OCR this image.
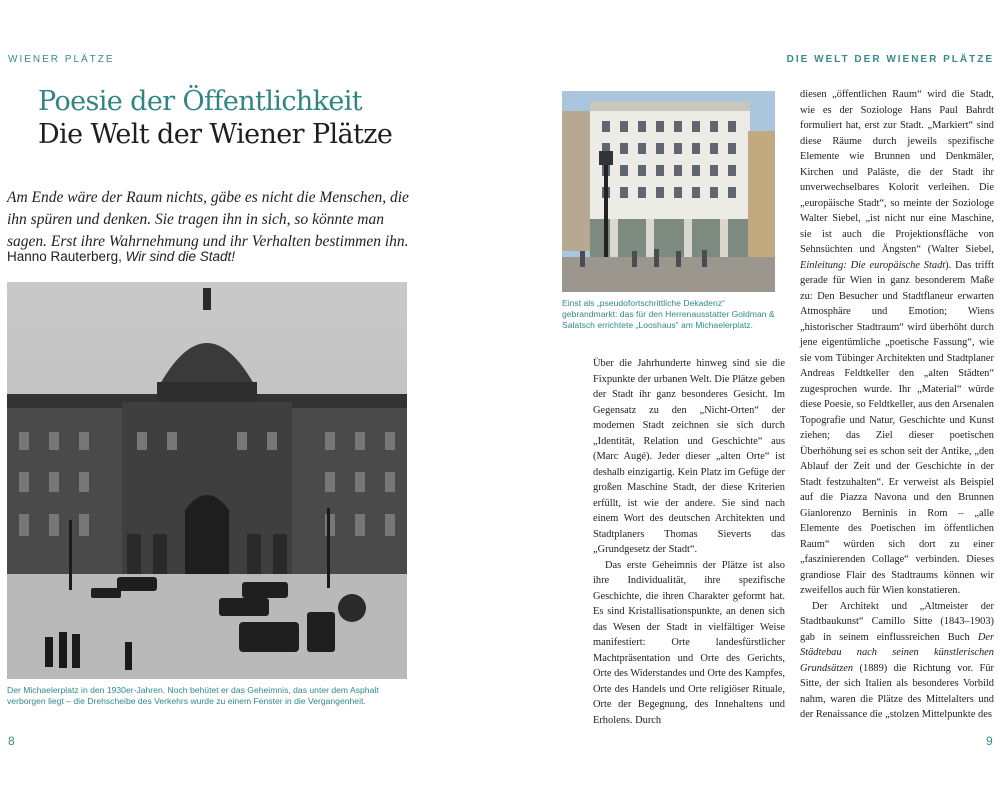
WIENER PLÄTZE	DIE WELT DER WIENER PLÄTZE
Poesie der Öffentlichkeit
Die Welt der Wiener Plätze
Am Ende wäre der Raum nichts, gäbe es nicht die Menschen, die ihn spüren und denken. Sie tragen ihn in sich, so könnte man sagen. Erst ihre Wahrnehmung und ihr Verhalten bestimmen ihn.
Hanno Rauterberg, Wir sind die Stadt!
Der Michaelerplatz in den 1930er-Jahren. Noch behütet er das Geheimnis, das unter dem Asphalt verborgen liegt – die Drehscheibe des Verkehrs wurde zu einem Fenster in die Vergangenheit.
Einst als „pseudofortschrittliche Dekadenz“ gebrandmarkt: das für den Herrenausstatter Goldman & Salatsch errichtete „Looshaus“ am Michaelerplatz.

Über die Jahrhunderte hinweg sind sie die Fixpunkte der urbanen Welt. Die Plätze geben der Stadt ihr ganz besonderes Gesicht. Im Gegensatz zu den „Nicht-Orten“ der modernen Stadt zeichnen sie sich durch „Identität, Relation und Geschichte“ aus (Marc Augé). Jeder dieser „alten Orte“ ist deshalb einzigartig. Kein Platz im Gefüge der großen Maschine Stadt, der diese Kriterien erfüllt, ist wie der andere. Sie sind nach einem Wort des deutschen Architekten und Stadtplaners Thomas Sieverts das „Grundgesetz der Stadt“.

Das erste Geheimnis der Plätze ist also ihre Individualität, ihre spezifische Geschichte, die ihren Charakter geformt hat. Es sind Kristallisationspunkte, an denen sich das Wesen der Stadt in vielfältiger Weise manifestiert: Orte landesfürstlicher Machtpräsentation und Orte des Gerichts, Orte des Widerstandes und Orte des Kampfes, Orte des Handels und Orte religiöser Rituale, Orte der Begegnung, des Innehaltens und Erholens. Durch

diesen „öffentlichen Raum“ wird die Stadt, wie es der Soziologe Hans Paul Bahrdt formuliert hat, erst zur Stadt. „Markiert“ sind diese Räume durch jeweils spezifische Elemente wie Brunnen und Denkmäler, Kirchen und Paläste, die der Stadt ihr unverwechselbares Kolorit verleihen. Die „europäische Stadt“, so meinte der Soziologe Walter Siebel, „ist nicht nur eine Maschine, sie ist auch die Projektionsfläche von Sehnsüchten und Ängsten“ (Walter Siebel, Einleitung: Die europäische Stadt). Das trifft gerade für Wien in ganz besonderem Maße zu: Den Besucher und Stadtflaneur erwarten Atmosphäre und Emotion; Wiens „historischer Stadtraum“ wird überhöht durch jene eigentümliche „poetische Fassung“, wie sie vom Tübinger Architekten und Stadtplaner Andreas Feldtkeller den „alten Städten“ zugesprochen wurde. Ihr „Material“ würde diese Poesie, so Feldtkeller, aus den Arsenalen Topografie und Natur, Geschichte und Kunst ziehen; das Ziel dieser poetischen Überhöhung sei es schon seit der Antike, „den Ablauf der Zeit und der Geschichte in der Stadt festzuhalten“. Er verweist als Beispiel auf die Piazza Navona und den Brunnen Gianlorenzo Berninis in Rom – „alle Elemente des Poetischen im öffentlichen Raum“ würden sich dort zu einer „faszinierenden Collage“ verbinden. Dieses grandiose Flair des Stadtraums können wir zweifellos auch für Wien konstatieren.

Der Architekt und „Altmeister der Stadtbaukunst“ Camillo Sitte (1843–1903) gab in seinem einflussreichen Buch Der Städtebau nach seinen künstlerischen Grundsätzen (1889) die Richtung vor. Für Sitte, der sich Italien als besonderes Vorbild nahm, waren die Plätze des Mittelalters und der Renaissance die „stolzen Mittelpunkte des

8	9
